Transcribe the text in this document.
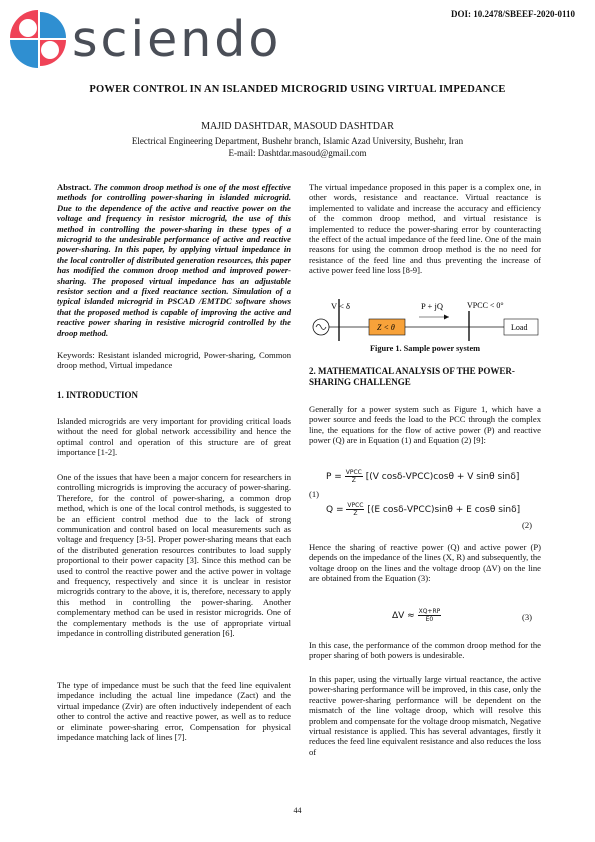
DOI: 10.2478/SBEEF-2020-0110
sciendo
POWER CONTROL IN AN ISLANDED MICROGRID USING VIRTUAL IMPEDANCE
MAJID DASHTDAR, MASOUD DASHTDAR
Electrical Engineering Department, Bushehr branch, Islamic Azad University, Bushehr, Iran
E-mail: Dashtdar.masoud@gmail.com

Abstract. The common droop method is one of the most effective methods for controlling power-sharing in islanded microgrid. Due to the dependence of the active and reactive power on the voltage and frequency in resistor microgrid, the use of this method in controlling the power-sharing in these types of a microgrid to the undesirable performance of active and reactive power-sharing. In this paper, by applying virtual impedance in the local controller of distributed generation resources, this paper has modified the common droop method and improved power-sharing. The proposed virtual impedance has an adjustable resistor section and a fixed reactance section. Simulation of a typical islanded microgrid in PSCAD /EMTDC software shows that the proposed method is capable of improving the active and reactive power sharing in resistive microgrid controlled by the droop method.

Keywords: Resistant islanded microgrid, Power-sharing, Common droop method, Virtual impedance
1. INTRODUCTION
Islanded microgrids are very important for providing critical loads without the need for global network accessibility and hence the optimal control and operation of this structure are of great importance [1-2].
One of the issues that have been a major concern for researchers in controlling microgrids is improving the accuracy of power-sharing. Therefore, for the control of power-sharing, a common drop method, which is one of the local control methods, is suggested to be an efficient control method due to the lack of strong communication and control based on local measurements such as voltage and frequency [3-5]. Proper power-sharing means that each of the distributed generation resources contributes to load supply proportional to their power capacity [3]. Since this method can be used to control the reactive power and the active power in voltage and frequency, respectively and since it is unclear in resistor microgrids contrary to the above, it is, therefore, necessary to apply this method in controlling the power-sharing. Another complementary method can be used in resistor microgrids. One of the complementary methods is the use of appropriate virtual impedance in controlling distributed generation [6].
The type of impedance must be such that the feed line equivalent impedance including the actual line impedance (Zact) and the virtual impedance (Zvir) are often inductively independent of each other to control the active and reactive power, as well as to reduce or eliminate power-sharing error, Compensation for physical impedance matching lack of lines [7].
The virtual impedance proposed in this paper is a complex one, in other words, resistance and reactance. Virtual reactance is implemented to validate and increase the accuracy and efficiency of the common droop method, and virtual resistance is implemented to reduce the power-sharing error by counteracting the effect of the actual impedance of the feed line. One of the main reasons for using the common droop method is the no need for resistance of the feed line and thus preventing the increase of active power feed line loss [8-9].
V < δ
Z < θ
P + jQ	VPCC < 0°
Load
Figure 1. Sample power system
2. MATHEMATICAL ANALYSIS OF THE POWER-SHARING CHALLENGE
Generally for a power system such as Figure 1, which have a power source and feeds the load to the PCC through the complex line, the equations for the flow of active power (P) and reactive power (Q) are in Equation (1) and Equation (2) [9]:
$P = \frac{\text{VPCC}}{Z} [(V$ cosδ-VPCC)cosθ + V sinθ sinδ]
(1)
$Q = \frac{\text{VPCC}}{Z} [(E$ cosδ-VPCC)sinθ + E cosθ sinδ]
(2)
Hence the sharing of reactive power (Q) and active power (P) depends on the impedance of the lines (X, R) and subsequently, the voltage droop on the lines and the voltage droop (ΔV) on the line are obtained from the Equation (3):
$\Delta V \approx \frac{XQ+RP}{E0}$	(3)
In this case, the performance of the common droop method for the proper sharing of both powers is undesirable.
In this paper, using the virtually large virtual reactance, the active power-sharing performance will be improved, in this case, only the reactive power-sharing performance will be dependent on the mismatch of the line voltage droop, which will resolve this problem and compensate for the voltage droop mismatch, Negative virtual resistance is applied. This has several advantages, firstly it reduces the feed line equivalent resistance and also reduces the loss of
44
